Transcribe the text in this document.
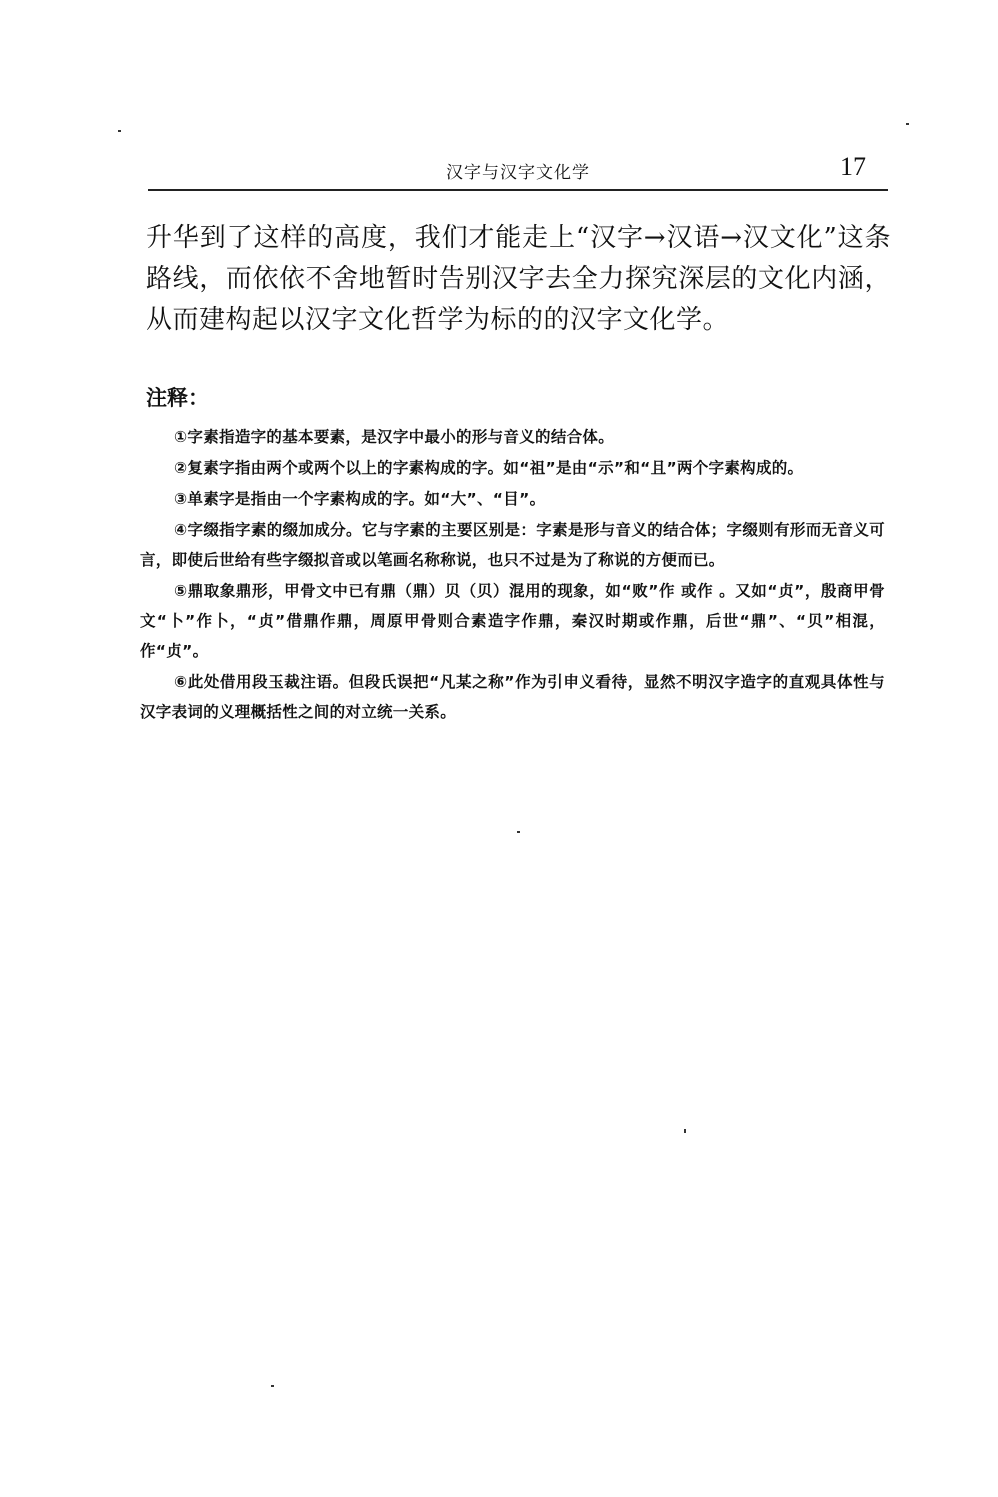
汉字与汉字文化学	17

升华到了这样的高度，我们才能走上“汉字→汉语→汉文化”这条路线，而依依不舍地暂时告别汉字去全力探究深层的文化内涵，从而建构起以汉字文化哲学为标的的汉字文化学。

注释：

①字素指造字的基本要素，是汉字中最小的形与音义的结合体。

②复素字指由两个或两个以上的字素构成的字。如“祖”是由“示”和“且”两个字素构成的。

③单素字是指由一个字素构成的字。如“大”、“目”。

④字缀指字素的缀加成分。它与字素的主要区别是：字素是形与音义的结合体；字缀则有形而无音义可言，即使后世给有些字缀拟音或以笔画名称称说，也只不过是为了称说的方便而已。

⑤鼎取象鼎形，甲骨文中已有鼎（鼎）贝（贝）混用的现象，如“败”作 或作 。又如“贞”，殷商甲骨文“卜”作卜，“贞”借鼎作鼎，周原甲骨则合素造字作鼎，秦汉时期或作鼎，后世“鼎”、“贝”相混，作“贞”。

⑥此处借用段玉裁注语。但段氏误把“凡某之称”作为引申义看待，显然不明汉字造字的直观具体性与汉字表词的义理概括性之间的对立统一关系。
